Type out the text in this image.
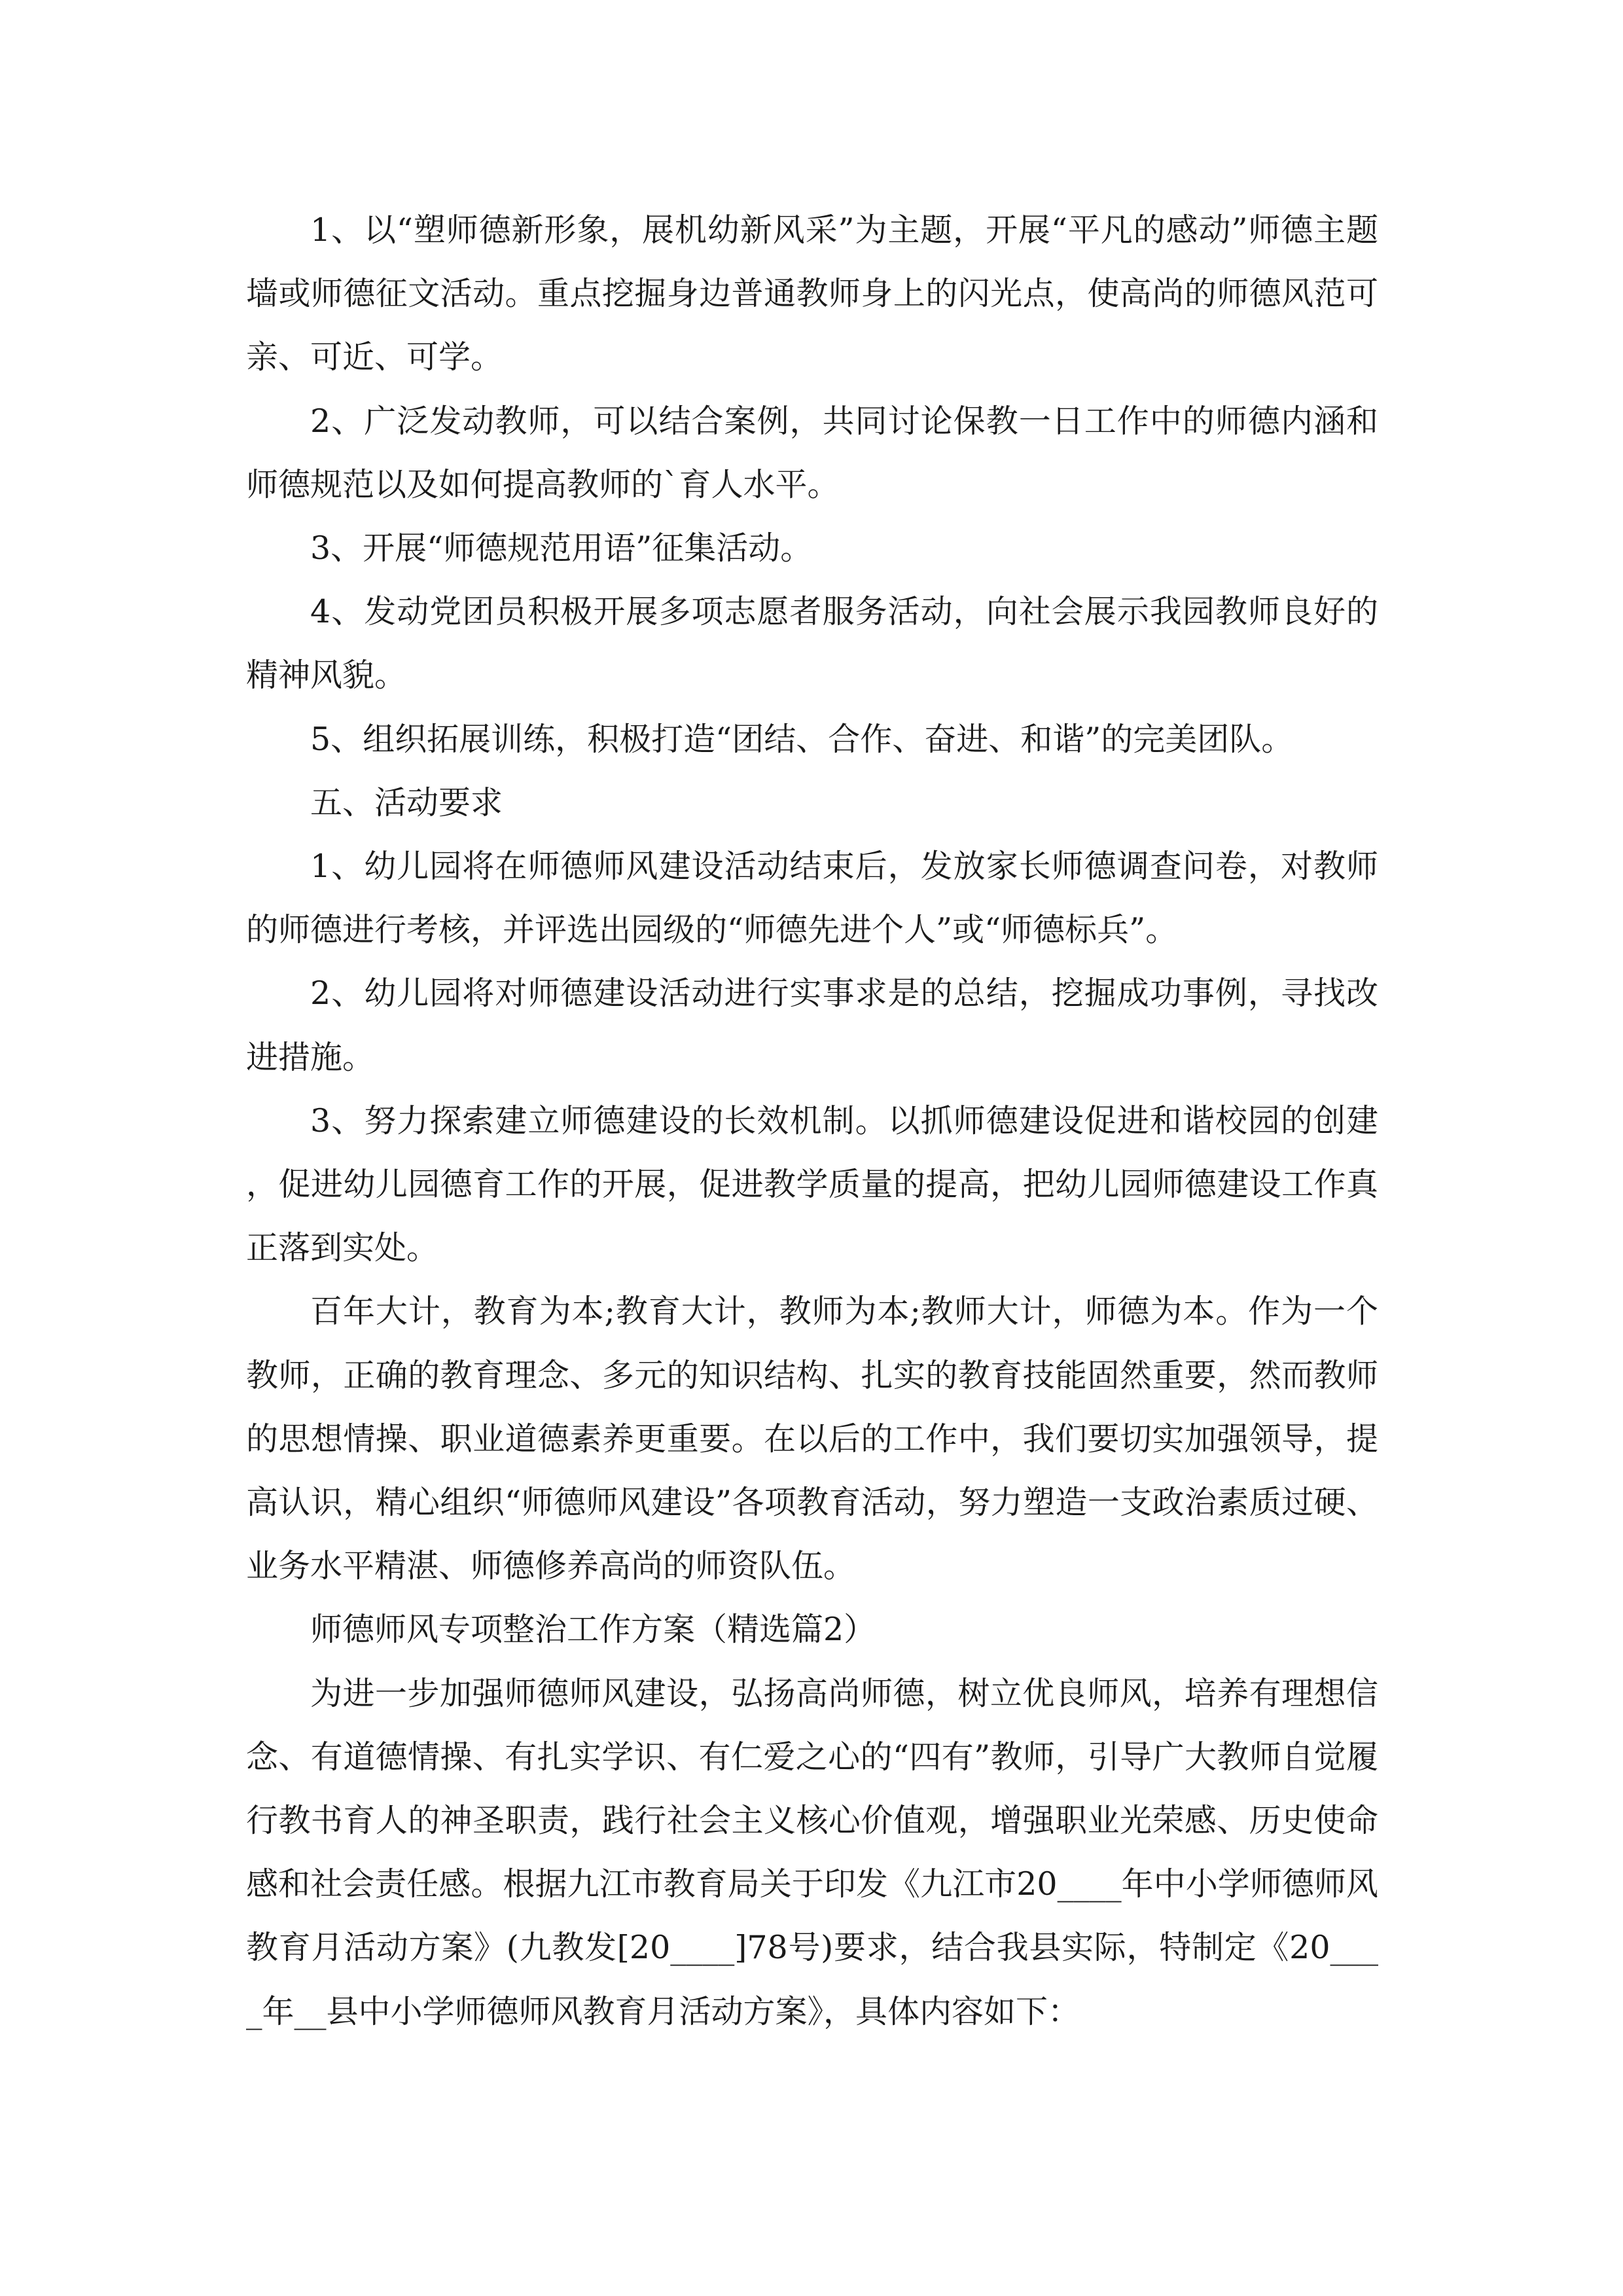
1、以“塑师德新形象，展机幼新风采”为主题，开展“平凡的感动”师德主题墙或师德征文活动。重点挖掘身边普通教师身上的闪光点，使高尚的师德风范可亲、可近、可学。

2、广泛发动教师，可以结合案例，共同讨论保教一日工作中的师德内涵和师德规范以及如何提高教师的`育人水平。

3、开展“师德规范用语”征集活动。

4、发动党团员积极开展多项志愿者服务活动，向社会展示我园教师良好的精神风貌。

5、组织拓展训练，积极打造“团结、合作、奋进、和谐”的完美团队。

五、活动要求

1、幼儿园将在师德师风建设活动结束后，发放家长师德调查问卷，对教师的师德进行考核，并评选出园级的“师德先进个人”或“师德标兵”。

2、幼儿园将对师德建设活动进行实事求是的总结，挖掘成功事例，寻找改进措施。

3、努力探索建立师德建设的长效机制。以抓师德建设促进和谐校园的创建，促进幼儿园德育工作的开展，促进教学质量的提高，把幼儿园师德建设工作真正落到实处。

百年大计，教育为本;教育大计，教师为本;教师大计，师德为本。作为一个教师，正确的教育理念、多元的知识结构、扎实的教育技能固然重要，然而教师的思想情操、职业道德素养更重要。在以后的工作中，我们要切实加强领导，提高认识，精心组织“师德师风建设”各项教育活动，努力塑造一支政治素质过硬、业务水平精湛、师德修养高尚的师资队伍。

师德师风专项整治工作方案（精选篇2）

为进一步加强师德师风建设，弘扬高尚师德，树立优良师风，培养有理想信念、有道德情操、有扎实学识、有仁爱之心的“四有”教师，引导广大教师自觉履行教书育人的神圣职责，践行社会主义核心价值观，增强职业光荣感、历史使命感和社会责任感。根据九江市教育局关于印发《九江市20____年中小学师德师风教育月活动方案》(九教发[20____]78号)要求，结合我县实际，特制定《20____年__县中小学师德师风教育月活动方案》，具体内容如下：
